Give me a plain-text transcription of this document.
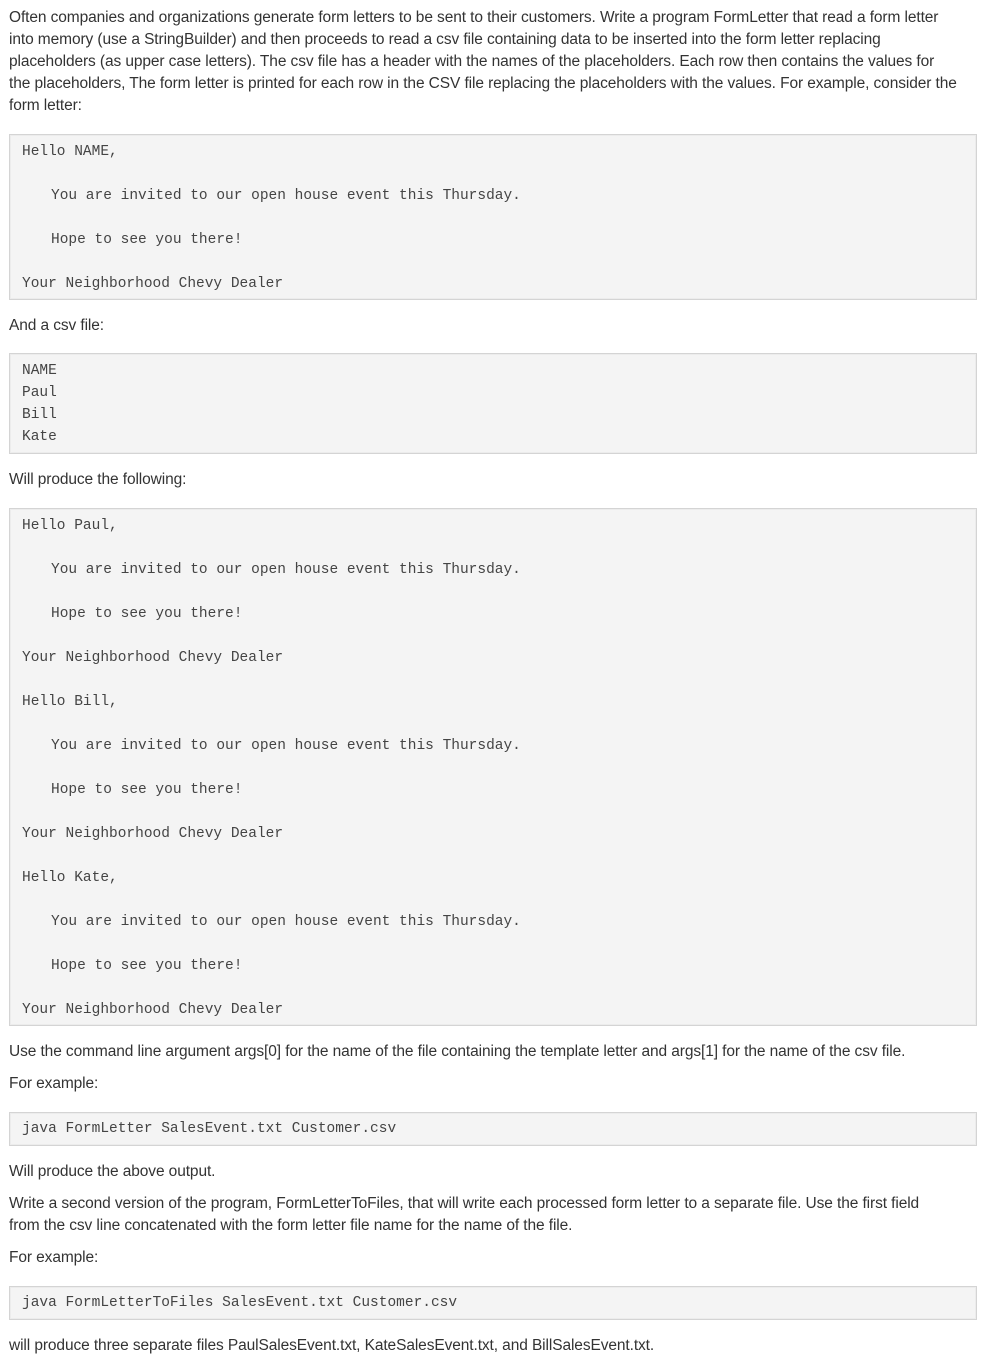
Often companies and organizations generate form letters to be sent to their customers. Write a program FormLetter that read a form letter

into memory (use a StringBuilder) and then proceeds to read a csv file containing data to be inserted into the form letter replacing

placeholders (as upper case letters). The csv file has a header with the names of the placeholders. Each row then contains the values for

the placeholders, The form letter is printed for each row in the CSV file replacing the placeholders with the values. For example, consider the

form letter:

Hello NAME,
You are invited to our open house event this Thursday.
Hope to see you there!
Your Neighborhood Chevy Dealer

And a csv file:

NAME
Paul
Bill
Kate

Will produce the following:

Hello Paul,
You are invited to our open house event this Thursday.
Hope to see you there!
Your Neighborhood Chevy Dealer
Hello Bill,
You are invited to our open house event this Thursday.
Hope to see you there!
Your Neighborhood Chevy Dealer
Hello Kate,
You are invited to our open house event this Thursday.
Hope to see you there!
Your Neighborhood Chevy Dealer

Use the command line argument args[0] for the name of the file containing the template letter and args[1] for the name of the csv file.

For example:

java FormLetter SalesEvent.txt Customer.csv

Will produce the above output.

Write a second version of the program, FormLetterToFiles, that will write each processed form letter to a separate file. Use the first field

from the csv line concatenated with the form letter file name for the name of the file.

For example:

java FormLetterToFiles SalesEvent.txt Customer.csv

will produce three separate files PaulSalesEvent.txt, KateSalesEvent.txt, and BillSalesEvent.txt.
